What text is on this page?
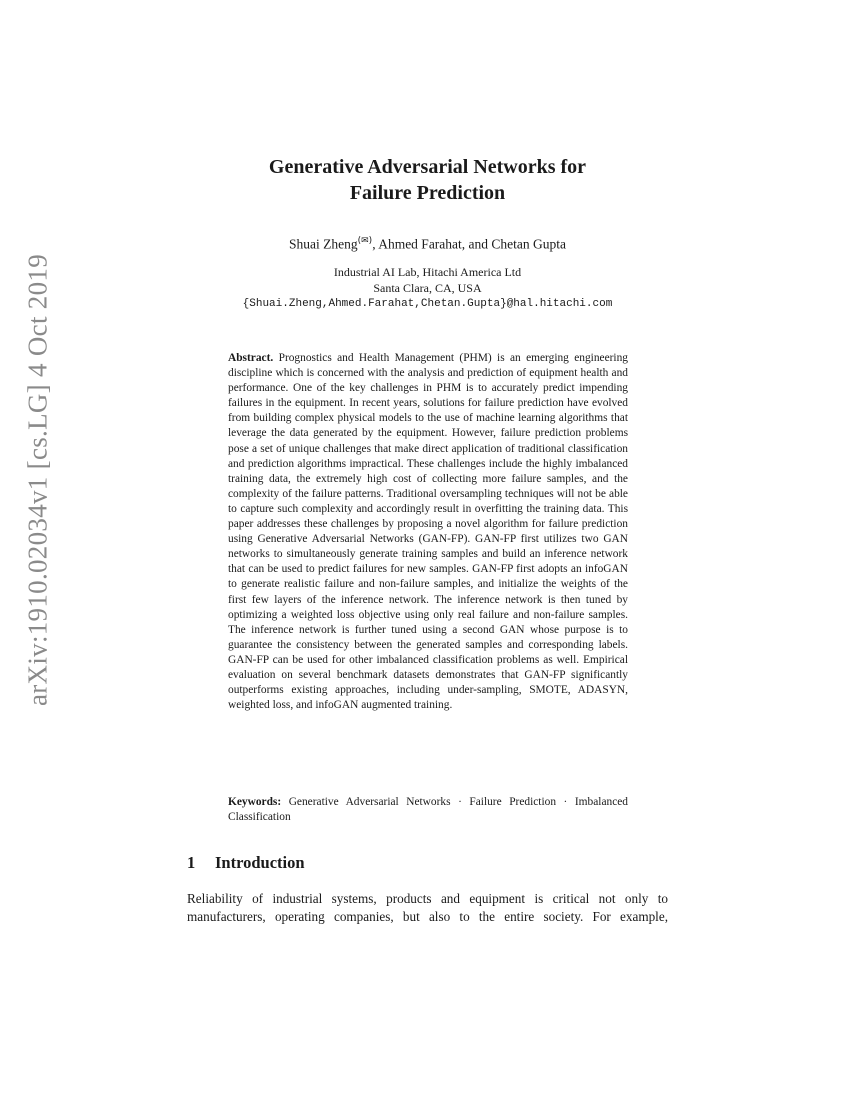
arXiv:1910.02034v1 [cs.LG] 4 Oct 2019
Generative Adversarial Networks for
Failure Prediction
Shuai Zheng(✉), Ahmed Farahat, and Chetan Gupta
Industrial AI Lab, Hitachi America Ltd
Santa Clara, CA, USA
{Shuai.Zheng,Ahmed.Farahat,Chetan.Gupta}@hal.hitachi.com
Abstract. Prognostics and Health Management (PHM) is an emerging engineering discipline which is concerned with the analysis and prediction of equipment health and performance. One of the key challenges in PHM is to accurately predict impending failures in the equipment. In recent years, solutions for failure prediction have evolved from building complex physical models to the use of machine learning algorithms that leverage the data generated by the equipment. However, failure prediction problems pose a set of unique challenges that make direct application of traditional classification and prediction algorithms impractical. These challenges include the highly imbalanced training data, the extremely high cost of collecting more failure samples, and the complexity of the failure patterns. Traditional oversampling techniques will not be able to capture such complexity and accordingly result in overfitting the training data. This paper addresses these challenges by proposing a novel algorithm for failure prediction using Generative Adversarial Networks (GAN-FP). GAN-FP first utilizes two GAN networks to simultaneously generate training samples and build an inference network that can be used to predict failures for new samples. GAN-FP first adopts an infoGAN to generate realistic failure and non-failure samples, and initialize the weights of the first few layers of the inference network. The inference network is then tuned by optimizing a weighted loss objective using only real failure and non-failure samples. The inference network is further tuned using a second GAN whose purpose is to guarantee the consistency between the generated samples and corresponding labels. GAN-FP can be used for other imbalanced classification problems as well. Empirical evaluation on several benchmark datasets demonstrates that GAN-FP significantly outperforms existing approaches, including under-sampling, SMOTE, ADASYN, weighted loss, and infoGAN augmented training.
Keywords: Generative Adversarial Networks · Failure Prediction · Imbalanced Classification
1 Introduction
Reliability of industrial systems, products and equipment is critical not only to manufacturers, operating companies, but also to the entire society. For example,
